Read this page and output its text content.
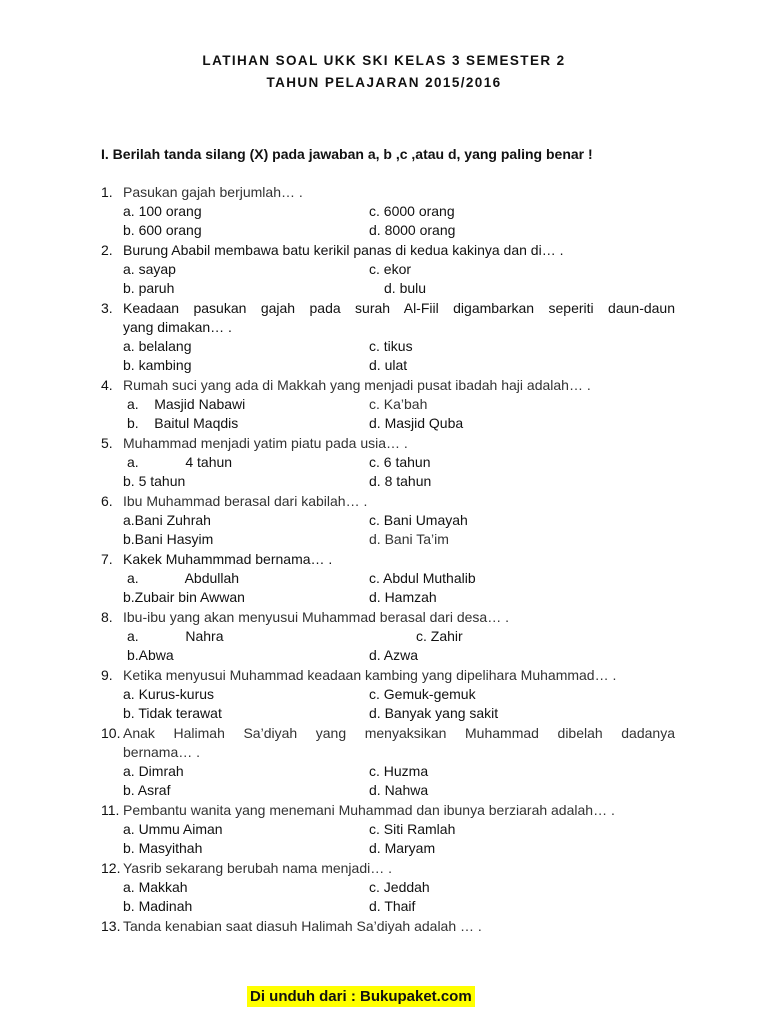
LATIHAN SOAL UKK SKI KELAS 3 SEMESTER 2
TAHUN PELAJARAN 2015/2016
I. Berilah tanda silang (X) pada jawaban a, b ,c ,atau d, yang paling benar !
1. Pasukan gajah berjumlah… .
a. 100 orang	c. 6000 orang
b. 600 orang	d. 8000 orang
2. Burung Ababil membawa batu kerikil panas di kedua kakinya dan di… .
a. sayap	c. ekor
b. paruh	d. bulu
3. Keadaan pasukan gajah pada surah Al-Fiil digambarkan seperiti daun-daun
yang dimakan… .
a. belalang	c. tikus
b. kambing	d. ulat
4. Rumah suci yang ada di Makkah yang menjadi pusat ibadah haji adalah… .
a.    Masjid Nabawi	c. Ka’bah
b.    Baitul Maqdis	d. Masjid Quba
5. Muhammad menjadi yatim piatu pada usia… .
a.            4 tahun	c. 6 tahun
b. 5 tahun	d. 8 tahun
6. Ibu Muhammad berasal dari kabilah… .
a.Bani Zuhrah	c. Bani Umayah
b.Bani Hasyim	d. Bani Ta’im
7. Kakek Muhammmad bernama… .
a.            Abdullah	c. Abdul Muthalib
b.Zubair bin Awwan	d. Hamzah
8. Ibu-ibu yang akan menyusui Muhammad berasal dari desa… .
a.            Nahra	c. Zahir
b.Abwa	d. Azwa
9. Ketika menyusui Muhammad keadaan kambing yang dipelihara Muhammad… .
a. Kurus-kurus	c. Gemuk-gemuk
b. Tidak terawat	d. Banyak yang sakit
10. Anak Halimah Sa’diyah yang menyaksikan Muhammad dibelah dadanya
bernama… .
a. Dimrah	c. Huzma
b. Asraf	d. Nahwa
11. Pembantu wanita yang menemani Muhammad dan ibunya berziarah adalah… .
a. Ummu Aiman	c. Siti Ramlah
b. Masyithah	d. Maryam
12. Yasrib sekarang berubah nama menjadi… .
a. Makkah	c. Jeddah
b. Madinah	d. Thaif
13. Tanda kenabian saat diasuh Halimah Sa’diyah adalah … .
Di unduh dari : Bukupaket.com
